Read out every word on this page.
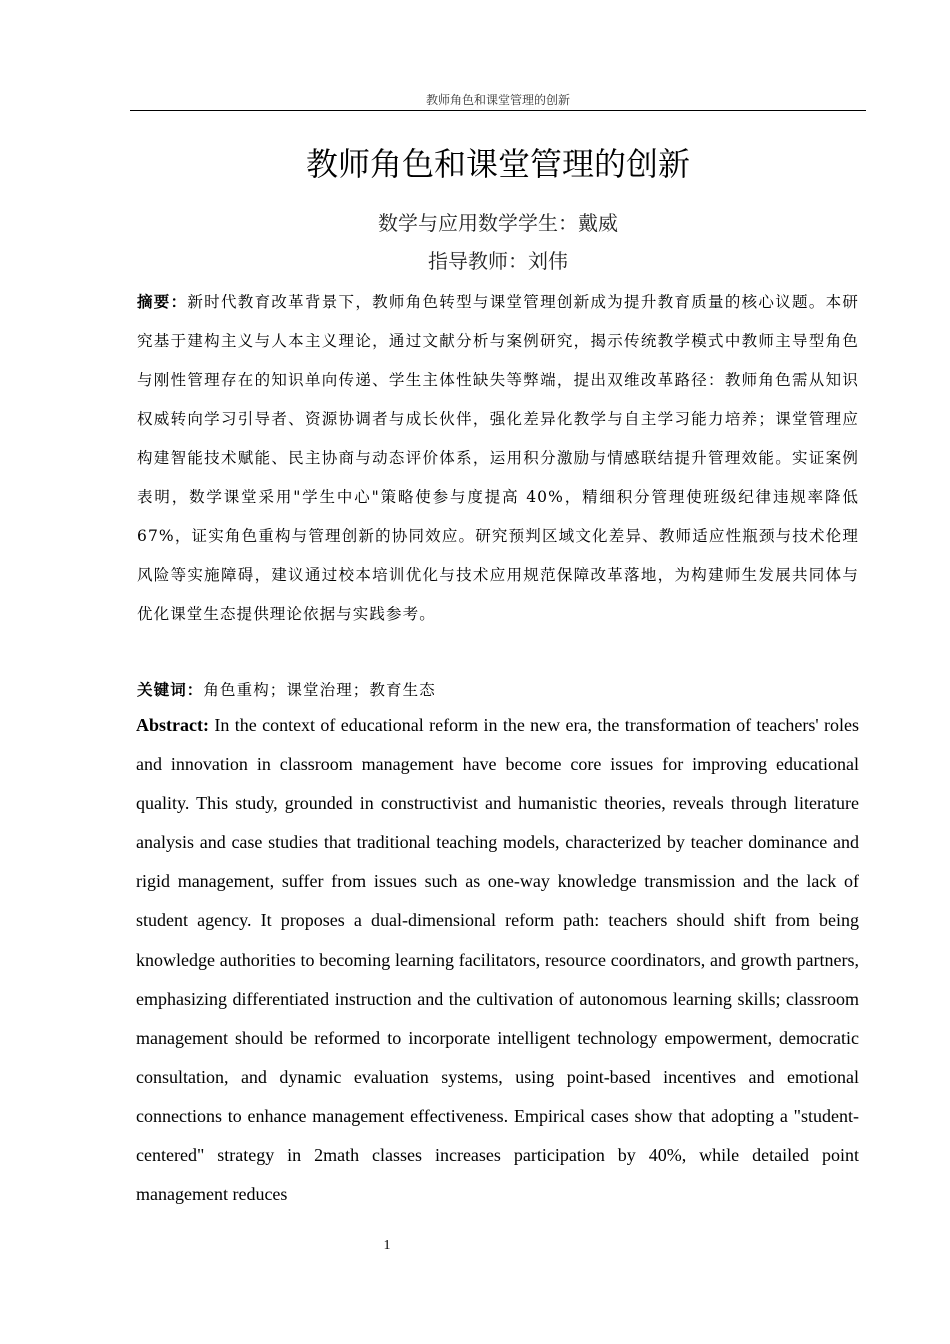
教师角色和课堂管理的创新
教师角色和课堂管理的创新
数学与应用数学学生：戴威
指导教师：刘伟
摘要：新时代教育改革背景下，教师角色转型与课堂管理创新成为提升教育质量的核心议题。本研究基于建构主义与人本主义理论，通过文献分析与案例研究，揭示传统教学模式中教师主导型角色与刚性管理存在的知识单向传递、学生主体性缺失等弊端，提出双维改革路径：教师角色需从知识权威转向学习引导者、资源协调者与成长伙伴，强化差异化教学与自主学习能力培养；课堂管理应构建智能技术赋能、民主协商与动态评价体系，运用积分激励与情感联结提升管理效能。实证案例表明，数学课堂采用"学生中心"策略使参与度提高 40%，精细积分管理使班级纪律违规率降低 67%，证实角色重构与管理创新的协同效应。研究预判区域文化差异、教师适应性瓶颈与技术伦理风险等实施障碍，建议通过校本培训优化与技术应用规范保障改革落地，为构建师生发展共同体与优化课堂生态提供理论依据与实践参考。
关键词：角色重构；课堂治理；教育生态
Abstract: In the context of educational reform in the new era, the transformation of teachers' roles and innovation in classroom management have become core issues for improving educational quality. This study, grounded in constructivist and humanistic theories, reveals through literature analysis and case studies that traditional teaching models, characterized by teacher dominance and rigid management, suffer from issues such as one-way knowledge transmission and the lack of student agency. It proposes a dual-dimensional reform path: teachers should shift from being knowledge authorities to becoming learning facilitators, resource coordinators, and growth partners, emphasizing differentiated instruction and the cultivation of autonomous learning skills; classroom management should be reformed to incorporate intelligent technology empowerment, democratic consultation, and dynamic evaluation systems, using point-based incentives and emotional connections to enhance management effectiveness. Empirical cases show that adopting a "student-centered" strategy in 2math classes increases participation by 40%, while detailed point management reduces
1
